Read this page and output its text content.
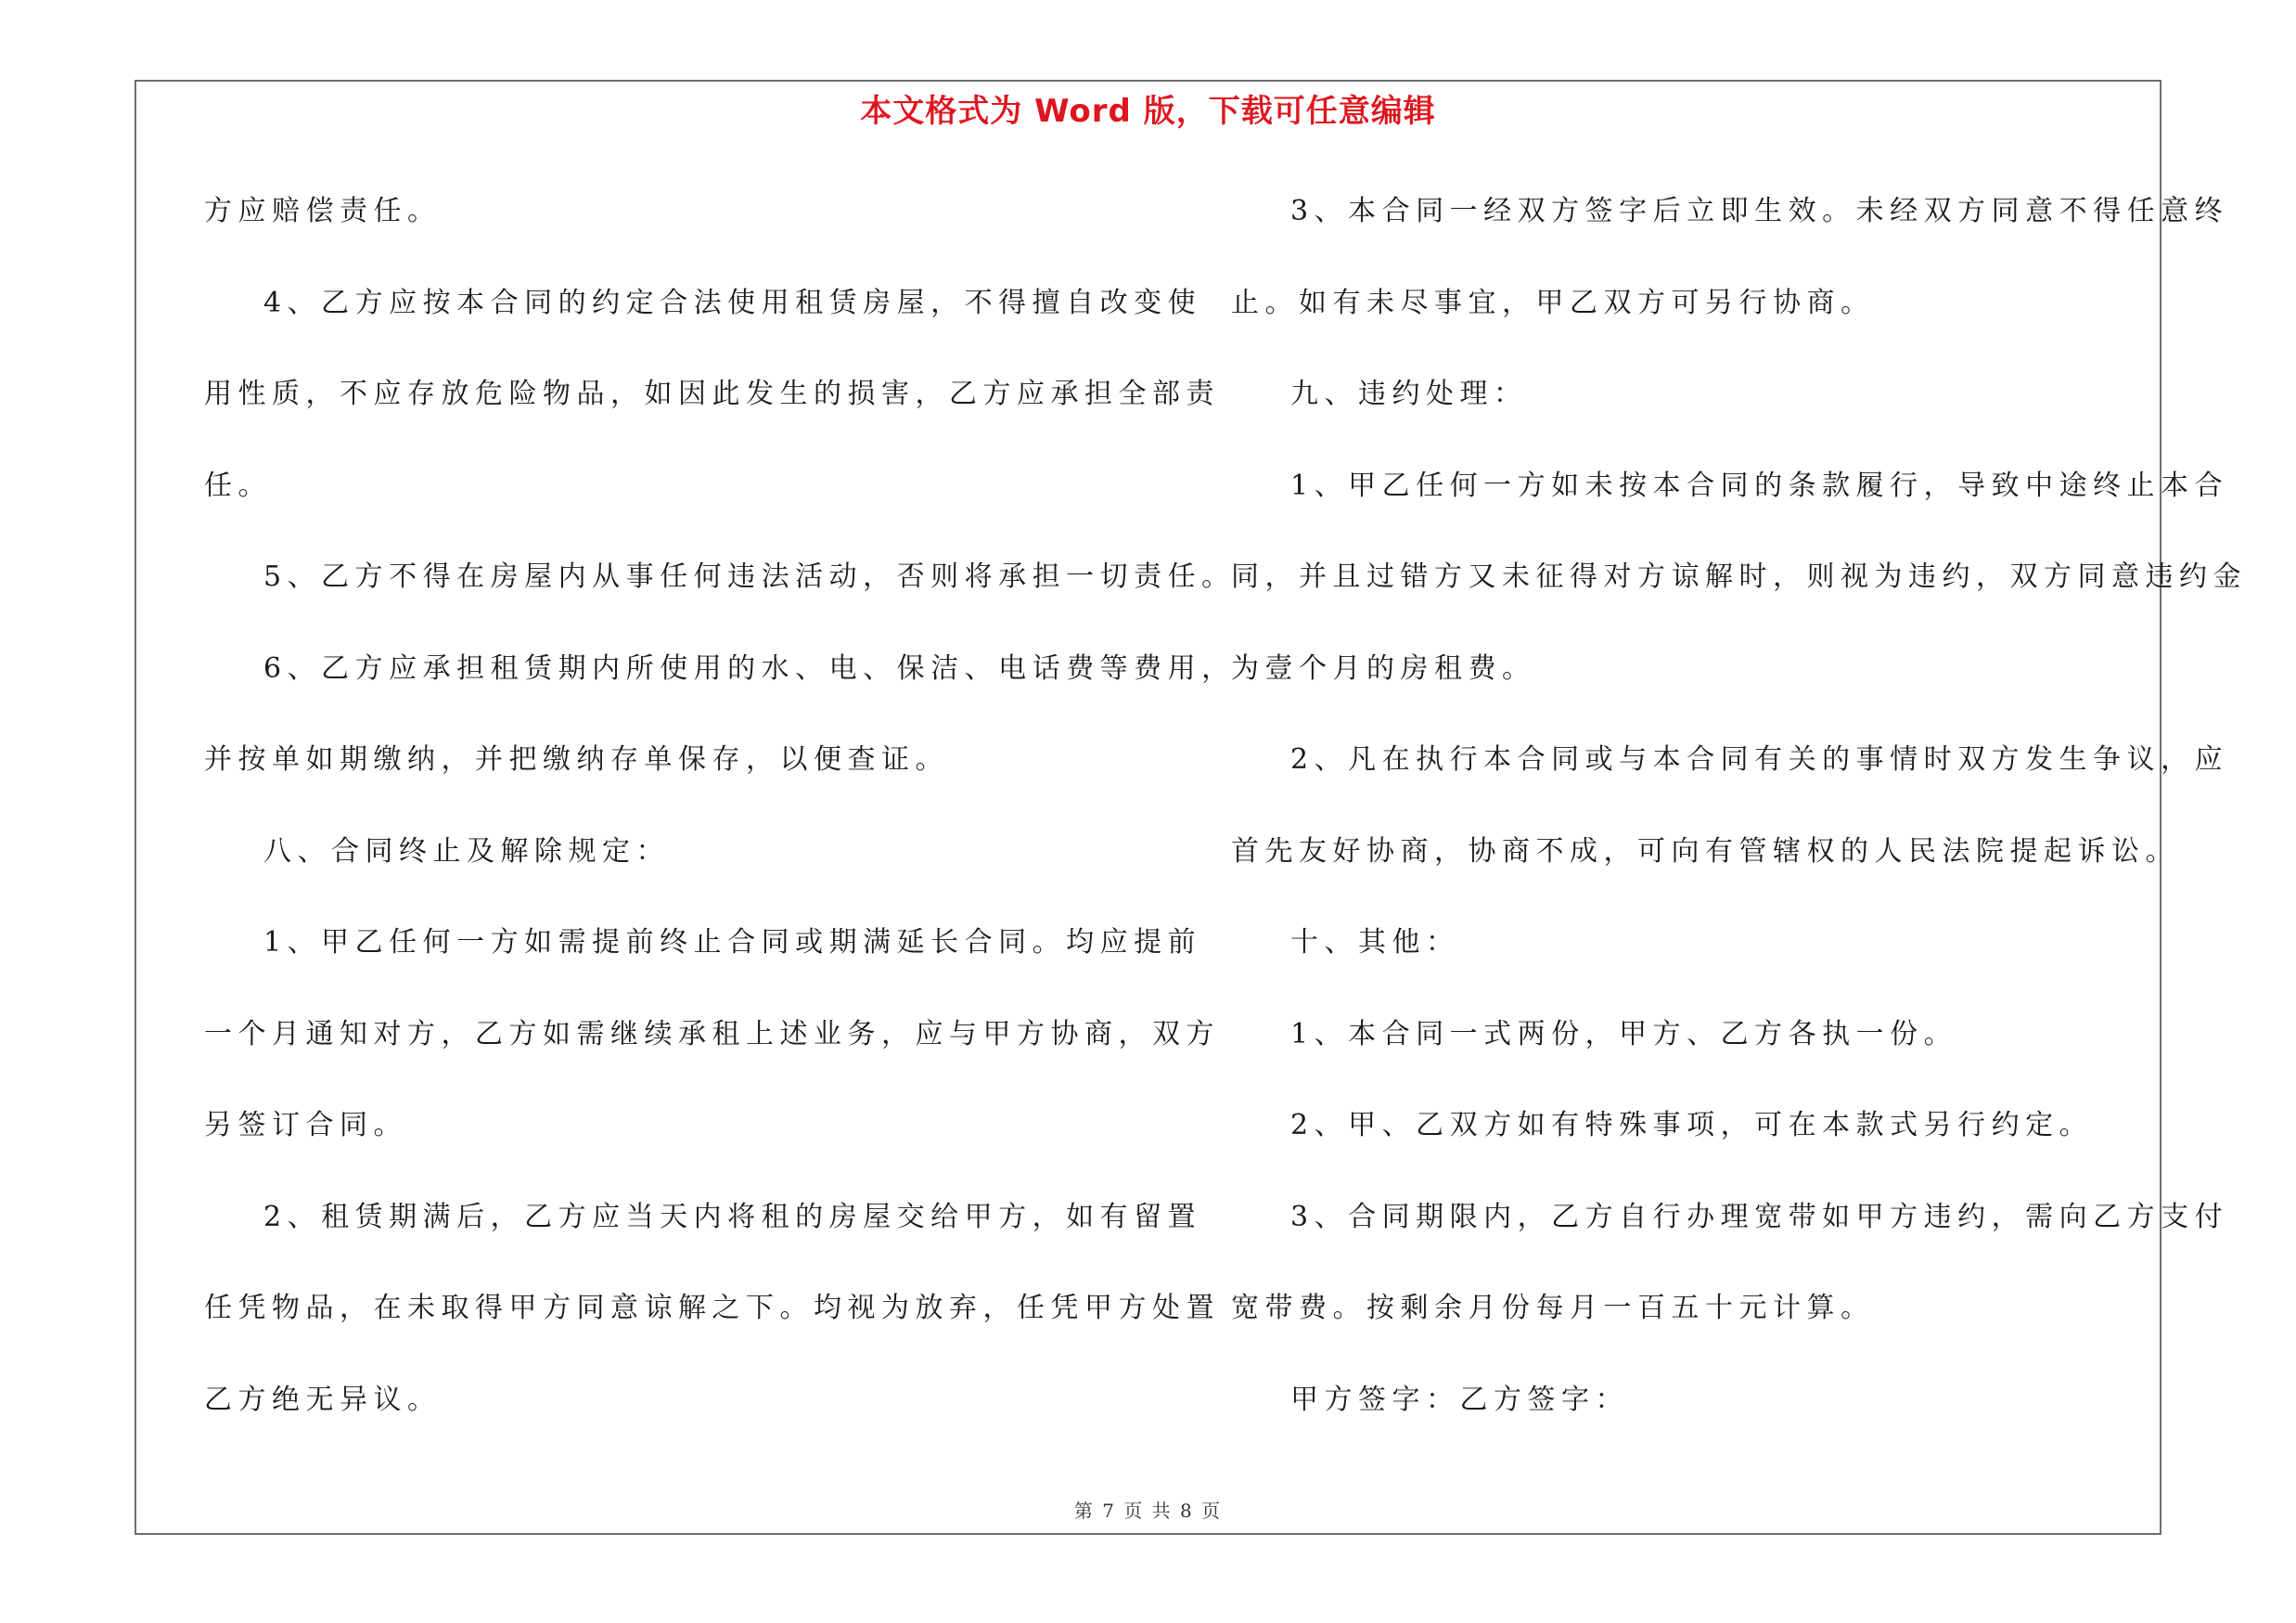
本文格式为 Word 版，下载可任意编辑
方应赔偿责任。
4、乙方应按本合同的约定合法使用租赁房屋，不得擅自改变使
用性质，不应存放危险物品，如因此发生的损害，乙方应承担全部责
任。
5、乙方不得在房屋内从事任何违法活动，否则将承担一切责任。
6、乙方应承担租赁期内所使用的水、电、保洁、电话费等费用，
并按单如期缴纳，并把缴纳存单保存，以便查证。
八、合同终止及解除规定：
1、甲乙任何一方如需提前终止合同或期满延长合同。均应提前
一个月通知对方，乙方如需继续承租上述业务，应与甲方协商，双方
另签订合同。
2、租赁期满后，乙方应当天内将租的房屋交给甲方，如有留置
任凭物品，在未取得甲方同意谅解之下。均视为放弃，任凭甲方处置
乙方绝无异议。
3、本合同一经双方签字后立即生效。未经双方同意不得任意终
止。如有未尽事宜，甲乙双方可另行协商。
九、违约处理：
1、甲乙任何一方如未按本合同的条款履行，导致中途终止本合
同，并且过错方又未征得对方谅解时，则视为违约，双方同意违约金
为壹个月的房租费。
2、凡在执行本合同或与本合同有关的事情时双方发生争议，应
首先友好协商，协商不成，可向有管辖权的人民法院提起诉讼。
十、其他：
1、本合同一式两份，甲方、乙方各执一份。
2、甲、乙双方如有特殊事项，可在本款式另行约定。
3、合同期限内，乙方自行办理宽带如甲方违约，需向乙方支付
宽带费。按剩余月份每月一百五十元计算。
甲方签字：乙方签字：
第 7 页 共 8 页
